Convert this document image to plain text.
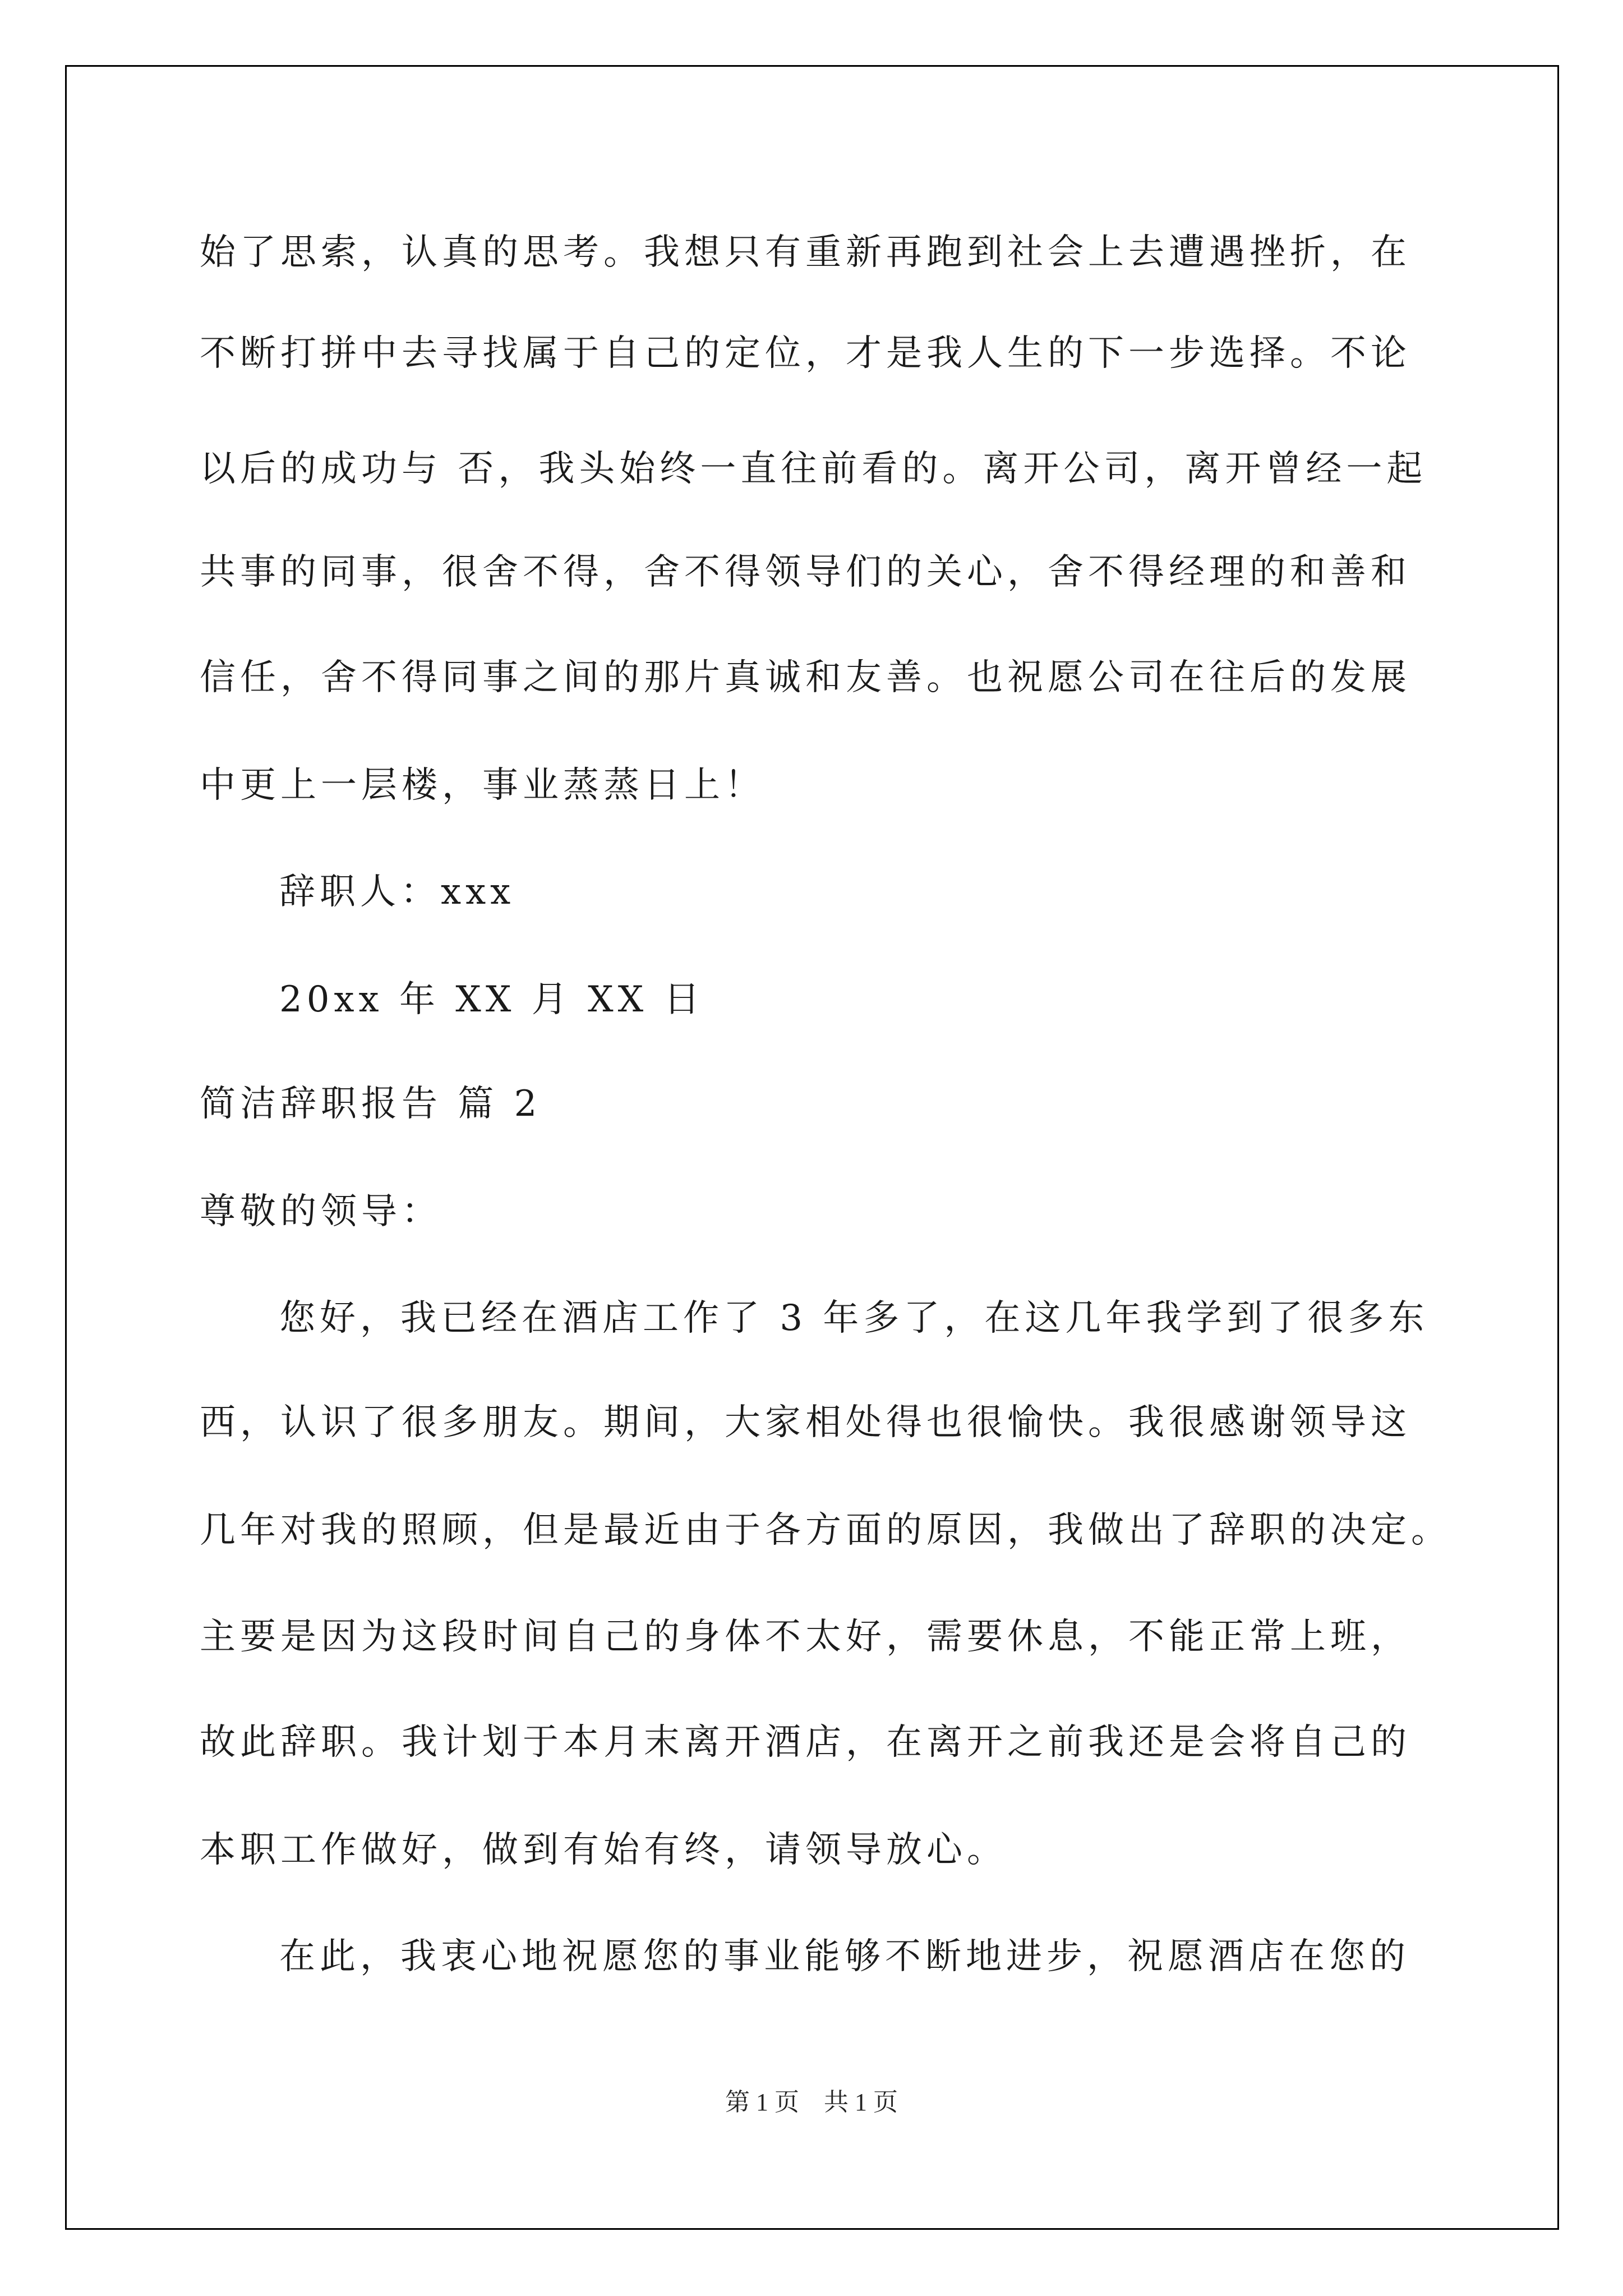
始了思索，认真的思考。我想只有重新再跑到社会上去遭遇挫折，在
不断打拼中去寻找属于自己的定位，才是我人生的下一步选择。不论
以后的成功与 否，我头始终一直往前看的。离开公司，离开曾经一起
共事的同事，很舍不得，舍不得领导们的关心，舍不得经理的和善和
信任，舍不得同事之间的那片真诚和友善。也祝愿公司在往后的发展
中更上一层楼，事业蒸蒸日上！
辞职人：xxx
20xx 年 XX 月 XX 日
简洁辞职报告 篇 2
尊敬的领导：
您好，我已经在酒店工作了 3 年多了，在这几年我学到了很多东
西，认识了很多朋友。期间，大家相处得也很愉快。我很感谢领导这
几年对我的照顾，但是最近由于各方面的原因，我做出了辞职的决定。
主要是因为这段时间自己的身体不太好，需要休息，不能正常上班，
故此辞职。我计划于本月末离开酒店，在离开之前我还是会将自己的
本职工作做好，做到有始有终，请领导放心。
在此，我衷心地祝愿您的事业能够不断地进步，祝愿酒店在您的
第 1 页　共 1 页
